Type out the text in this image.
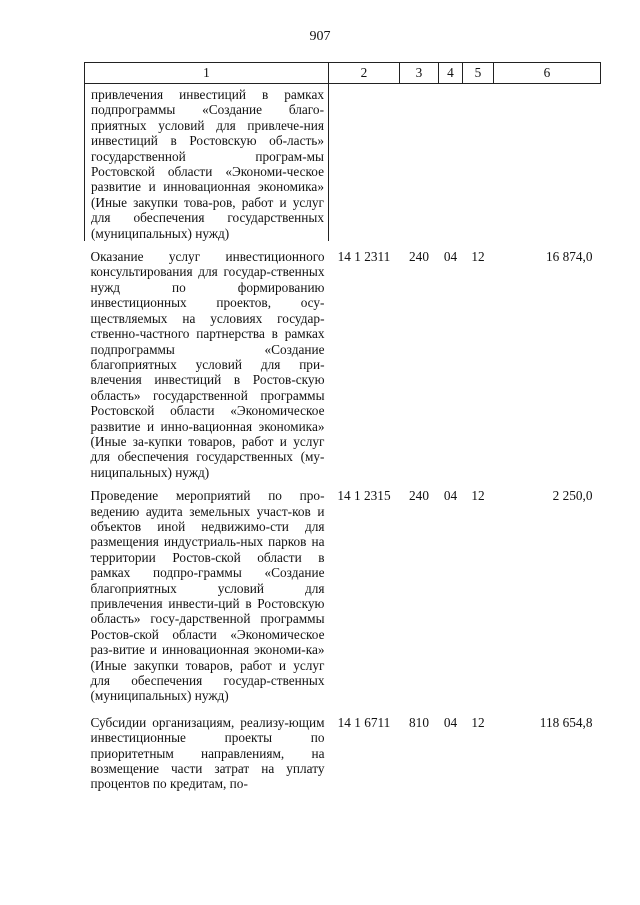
907
1	2	3	4	5	6
привлечения инвестиций в рамках подпрограммы «Создание благо-приятных условий для привлече-ния инвестиций в Ростовскую об-ласть» государственной програм-мы Ростовской области «Экономи-ческое развитие и инновационная экономика» (Иные закупки това-ров, работ и услуг для обеспечения государственных (муниципальных) нужд)					
Оказание услуг инвестиционного консультирования для государ-ственных нужд по формированию инвестиционных проектов, осу-ществляемых на условиях государ-ственно-частного партнерства в рамках подпрограммы «Создание благоприятных условий для при-влечения инвестиций в Ростов-скую область» государственной программы Ростовской области «Экономическое развитие и инно-вационная экономика» (Иные за-купки товаров, работ и услуг для обеспечения государственных (му-ниципальных) нужд)	14 1 2311	240	04	12	16 874,0
Проведение мероприятий по про-ведению аудита земельных участ-ков и объектов иной недвижимо-сти для размещения индустриаль-ных парков на территории Ростов-ской области в рамках подпро-граммы «Создание благоприятных условий для привлечения инвести-ций в Ростовскую область» госу-дарственной программы Ростов-ской области «Экономическое раз-витие и инновационная экономи-ка» (Иные закупки товаров, работ и услуг для обеспечения государ-ственных (муниципальных) нужд)	14 1 2315	240	04	12	2 250,0
Субсидии организациям, реализу-ющим инвестиционные проекты по приоритетным направлениям, на возмещение части затрат на уплату процентов по кредитам, по-	14 1 6711	810	04	12	118 654,8
